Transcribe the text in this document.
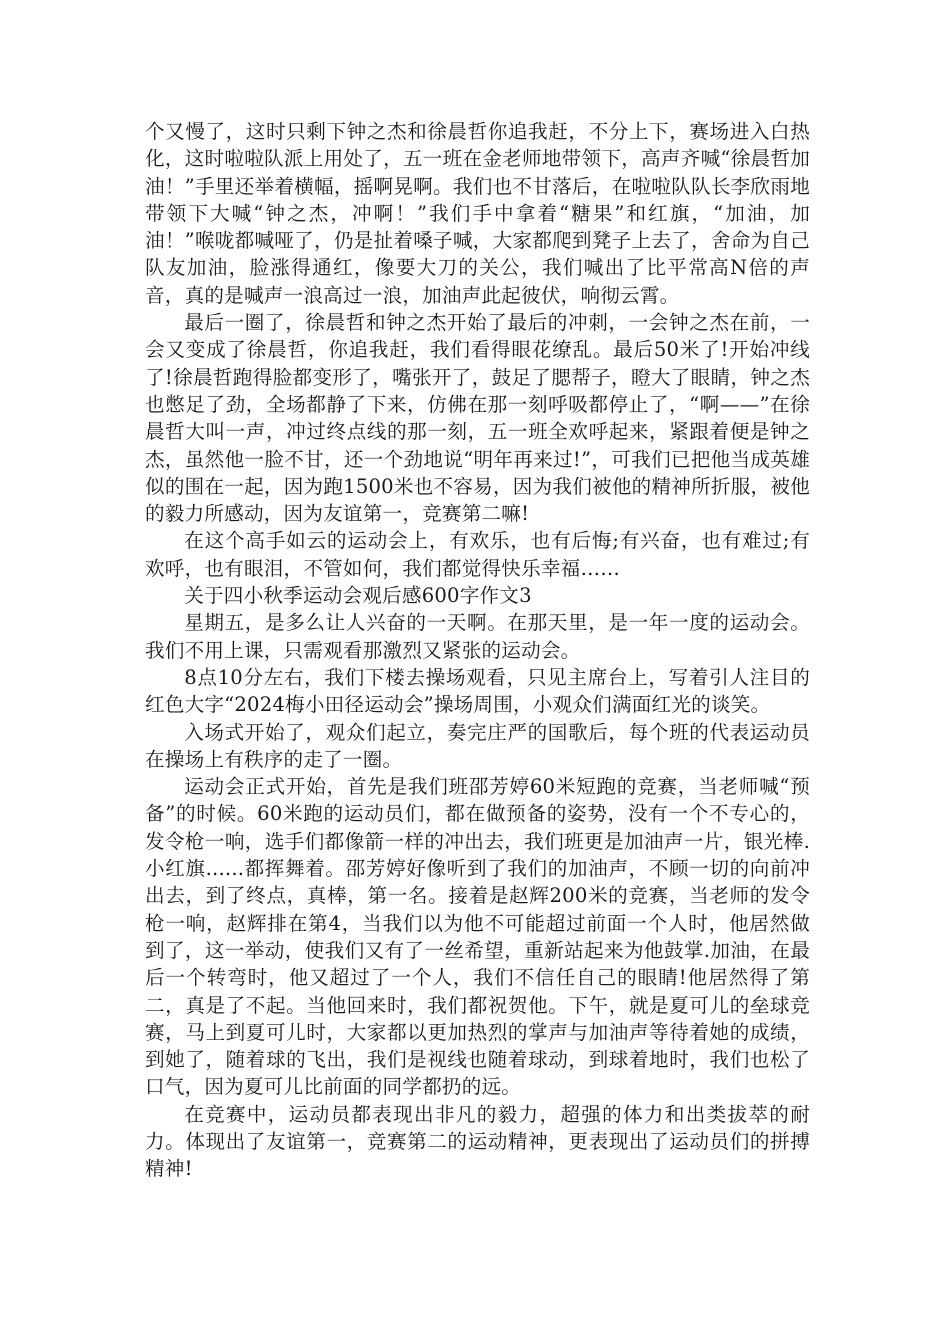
个又慢了，这时只剩下钟之杰和徐晨哲你追我赶，不分上下，赛场进入白热化，这时啦啦队派上用处了，五一班在金老师地带领下，高声齐喊“徐晨哲加油！”手里还举着横幅，摇啊晃啊。我们也不甘落后，在啦啦队队长李欣雨地带领下大喊“钟之杰，冲啊！”我们手中拿着“糖果”和红旗，“加油，加油！”喉咙都喊哑了，仍是扯着嗓子喊，大家都爬到凳子上去了，舍命为自己队友加油，脸涨得通红，像要大刀的关公，我们喊出了比平常高N倍的声音，真的是喊声一浪高过一浪，加油声此起彼伏，响彻云霄。

最后一圈了，徐晨哲和钟之杰开始了最后的冲刺，一会钟之杰在前，一会又变成了徐晨哲，你追我赶，我们看得眼花缭乱。最后50米了!开始冲线了!徐晨哲跑得脸都变形了，嘴张开了，鼓足了腮帮子，瞪大了眼睛，钟之杰也憋足了劲，全场都静了下来，仿佛在那一刻呼吸都停止了，“啊——”在徐晨哲大叫一声，冲过终点线的那一刻，五一班全欢呼起来，紧跟着便是钟之杰，虽然他一脸不甘，还一个劲地说“明年再来过!”，可我们已把他当成英雄似的围在一起，因为跑1500米也不容易，因为我们被他的精神所折服，被他的毅力所感动，因为友谊第一，竞赛第二嘛!

在这个高手如云的运动会上，有欢乐，也有后悔;有兴奋，也有难过;有欢呼，也有眼泪，不管如何，我们都觉得快乐幸福……

关于四小秋季运动会观后感600字作文3

星期五，是多么让人兴奋的一天啊。在那天里，是一年一度的运动会。我们不用上课，只需观看那激烈又紧张的运动会。

8点10分左右，我们下楼去操场观看，只见主席台上，写着引人注目的红色大字“2024梅小田径运动会”操场周围，小观众们满面红光的谈笑。

入场式开始了，观众们起立，奏完庄严的国歌后，每个班的代表运动员在操场上有秩序的走了一圈。

运动会正式开始，首先是我们班邵芳婷60米短跑的竞赛，当老师喊“预备”的时候。60米跑的运动员们，都在做预备的姿势，没有一个不专心的，发令枪一响，选手们都像箭一样的冲出去，我们班更是加油声一片，银光棒.小红旗......都挥舞着。邵芳婷好像听到了我们的加油声，不顾一切的向前冲出去，到了终点，真棒，第一名。接着是赵辉200米的竞赛，当老师的发令枪一响，赵辉排在第4，当我们以为他不可能超过前面一个人时，他居然做到了，这一举动，使我们又有了一丝希望，重新站起来为他鼓掌.加油，在最后一个转弯时，他又超过了一个人，我们不信任自己的眼睛!他居然得了第二，真是了不起。当他回来时，我们都祝贺他。下午，就是夏可儿的垒球竞赛，马上到夏可儿时，大家都以更加热烈的掌声与加油声等待着她的成绩，到她了，随着球的飞出，我们是视线也随着球动，到球着地时，我们也松了口气，因为夏可儿比前面的同学都扔的远。

在竞赛中，运动员都表现出非凡的毅力，超强的体力和出类拔萃的耐力。体现出了友谊第一，竞赛第二的运动精神，更表现出了运动员们的拼搏精神!
